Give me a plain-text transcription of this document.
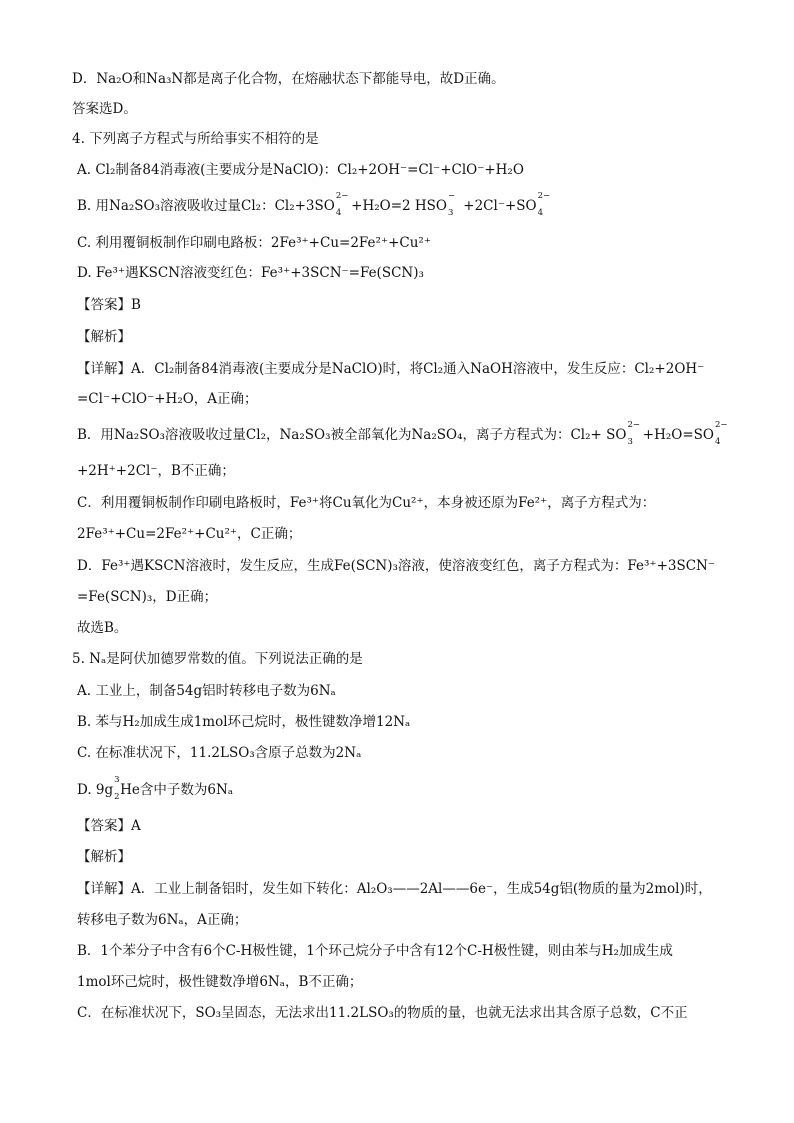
D．Na₂O和Na₃N都是离子化合物，在熔融状态下都能导电，故D正确。
答案选D。
4. 下列离子方程式与所给事实不相符的是
A. Cl₂制备84消毒液(主要成分是NaClO)：Cl₂+2OH⁻=Cl⁻+ClO⁻+H₂O
B. 用Na₂SO₃溶液吸收过量Cl₂：Cl₂+3SO
2−
4 +H₂O=2 HSO
−
3 +2Cl⁻+SO
2−
4
C. 利用覆铜板制作印刷电路板：2Fe³⁺+Cu=2Fe²⁺+Cu²⁺
D. Fe³⁺遇KSCN溶液变红色：Fe³⁺+3SCN⁻=Fe(SCN)₃
【答案】B
【解析】
【详解】A．Cl₂制备84消毒液(主要成分是NaClO)时，将Cl₂通入NaOH溶液中，发生反应：Cl₂+2OH⁻
=Cl⁻+ClO⁻+H₂O，A正确；
B．用Na₂SO₃溶液吸收过量Cl₂，Na₂SO₃被全部氧化为Na₂SO₄，离子方程式为：Cl₂+ SO
2−
3 +H₂O=SO
2−
4
+2H⁺+2Cl⁻，B不正确；
C．利用覆铜板制作印刷电路板时，Fe³⁺将Cu氧化为Cu²⁺，本身被还原为Fe²⁺，离子方程式为：
2Fe³⁺+Cu=2Fe²⁺+Cu²⁺，C正确；
D．Fe³⁺遇KSCN溶液时，发生反应，生成Fe(SCN)₃溶液，使溶液变红色，离子方程式为：Fe³⁺+3SCN⁻
=Fe(SCN)₃，D正确；
故选B。
5. Nₐ是阿伏加德罗常数的值。下列说法正确的是
A. 工业上，制备54g铝时转移电子数为6Nₐ
B. 苯与H₂加成生成1mol环己烷时，极性键数净增12Nₐ
C. 在标准状况下，11.2LSO₃含原子总数为2Nₐ
D. 9g
3
2 He含中子数为6Nₐ
【答案】A
【解析】
【详解】A．工业上制备铝时，发生如下转化：Al₂O₃——2Al——6e⁻，生成54g铝(物质的量为2mol)时，
转移电子数为6Nₐ，A正确；
B．1个苯分子中含有6个C-H极性键，1个环己烷分子中含有12个C-H极性键，则由苯与H₂加成生成
1mol环己烷时，极性键数净增6Nₐ，B不正确；
C．在标准状况下，SO₃呈固态，无法求出11.2LSO₃的物质的量，也就无法求出其含原子总数，C不正
